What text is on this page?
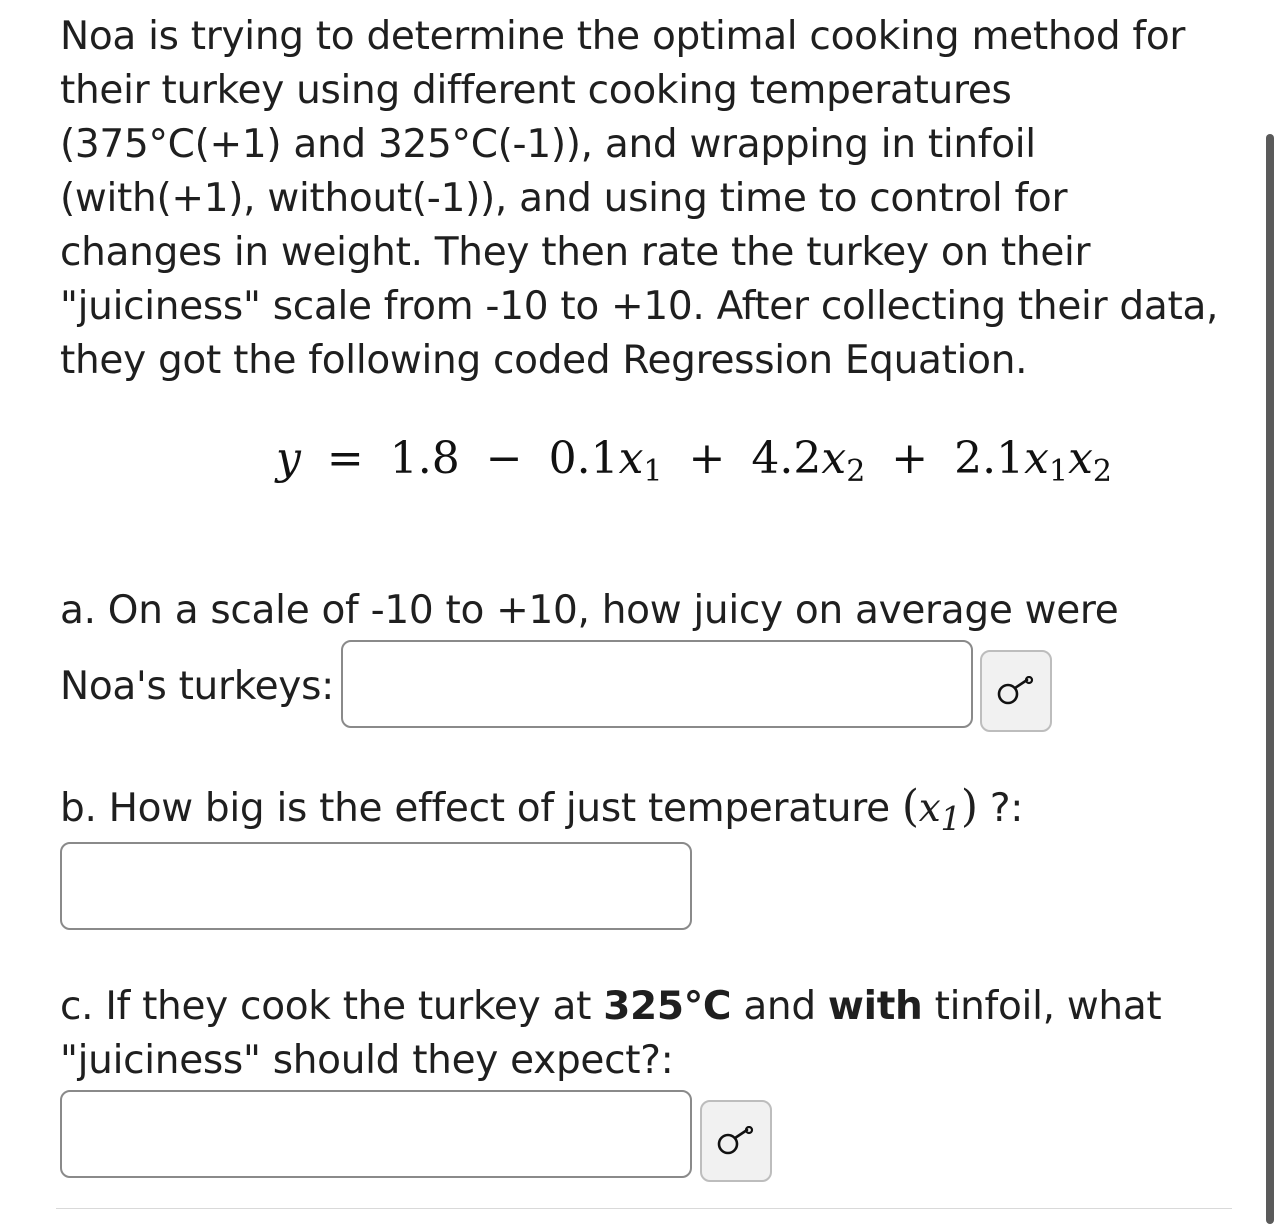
Noa is trying to determine the optimal cooking method for their turkey using different cooking temperatures (375°C(+1) and 325°C(-1)), and wrapping in tinfoil (with(+1), without(-1)), and using time to control for changes in weight. They then rate the turkey on their "juiciness" scale from -10 to +10. After collecting their data, they got the following coded Regression Equation.

$y = 1.8 - 0.1x_1 + 4.2x_2 + 2.1x_1x_2$
a. On a scale of -10 to +10, how juicy on average were
Noa's turkeys:
b. How big is the effect of just temperature $(x_1)$ ?:
c. If they cook the turkey at 325°C and with tinfoil, what "juiciness" should they expect?:
